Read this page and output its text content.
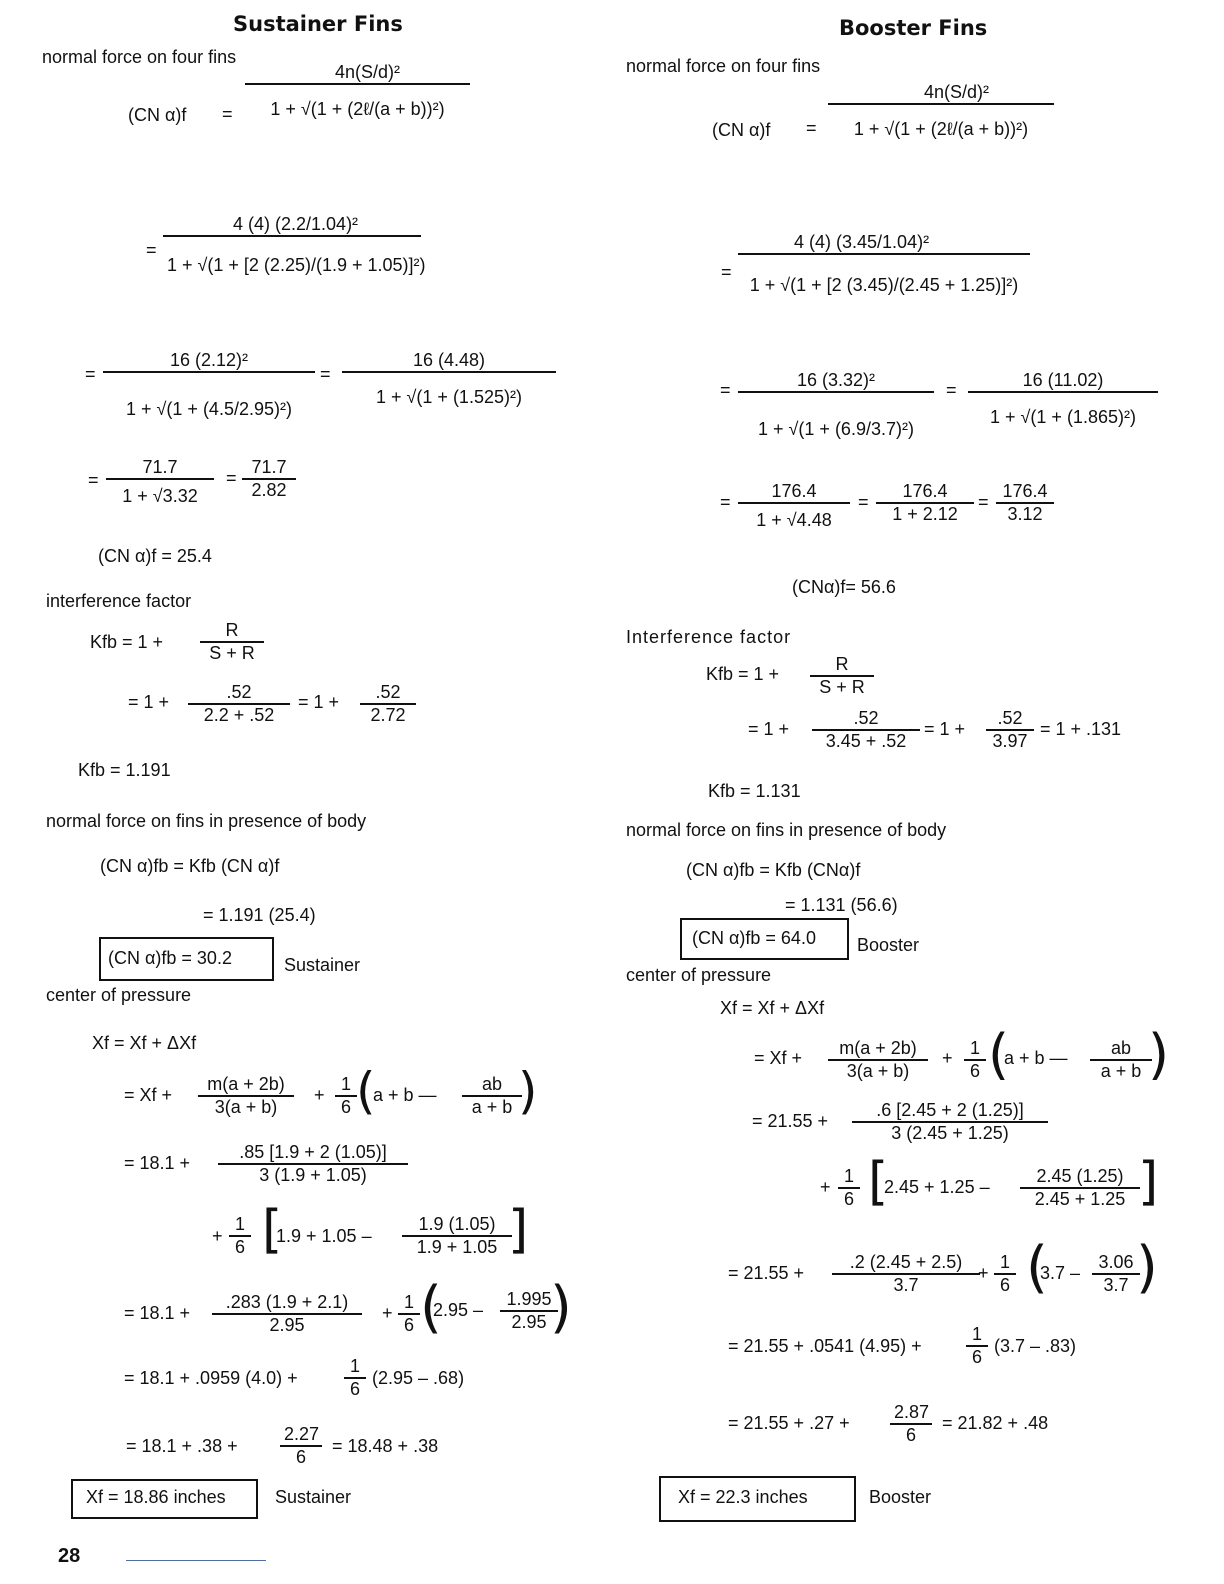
Sustainer Fins
normal force on four fins
(CN α)f =
4n(S/d)²
1 + √(1 + (2ℓ/(a + b))²)
= $\frac{\text{4 (4) (2.2/1.04)²}}{\text{1 + √(1 + [2 (2.25)/(1.9 + 1.05)]²)}}$
= $\frac{\text{16 (2.12)²}}{\text{1 + √(1 + (4.5/2.95)²)}} = \frac{16 (4.48)}{\text{1 + √(1 + (1.525)²)}}$
= $\frac{71.7}{1 + √3.32} = \frac{71.7}{2.82}$
(CN α)f = 25.4
interference factor
Kfb = $1 + \frac{R}{S + R}$
= $1 + \frac{.52}{2.2 + .52} = 1 + \frac{.52}{2.72}$
Kfb = 1.191
normal force on fins in presence of body
(CN α)fb = Kfb (CN α)f
= 1.191 (25.4)
(CN α)fb = 30.2	Sustainer
center of pressure
Xf = Xf + ΔXf
= $Xf + \frac{m(a + 2b)}{3(a + b)} + \frac{1}{6}$ (
a + b — $\frac{ab}{a + b}$
)
= $18.1 + \frac{.85 [1.9 + 2 (1.05)]}{3 (1.9 + 1.05)}$
+ $\frac{1}{6}$ [
$1.9 + 1.05 - \frac{1.9 (1.05)}{1.9 + 1.05}$
]
= $18.1 + \frac{.283 (1.9 + 2.1)}{2.95} + \frac{1}{6}$ (
$2.95 - \frac{1.995}{2.95}$
)
= 18.1 + .0959 (4.0) +	$\frac{1}{6} (2.95 - .68)$
= $18.1 + .38 + \frac{2.27}{6} = 18.48 + .38$
Xf = 18.86 inches	Sustainer
Booster Fins
normal force on four fins
(CN α)f =
4n(S/d)²
1 + √(1 + (2ℓ/(a + b))²)
= $\frac{\text{4 (4) (3.45/1.04)²}}{\text{1 + √(1 + [2 (3.45)/(2.45 + 1.25)]²)}}$
= $\frac{\text{16 (3.32)²}}{\text{1 + √(1 + (6.9/3.7)²)}} = \frac{16 (11.02)}{\text{1 + √(1 + (1.865)²)}}$
= $\frac{176.4}{1 + √4.48} = \frac{176.4}{1 + 2.12} = \frac{176.4}{3.12}$
(CNα)f= 56.6
Interference factor
Kfb = $1 + \frac{R}{S + R}$
= $1 + \frac{.52}{3.45 + .52} = 1 + \frac{.52}{3.97} = 1 + .131$
Kfb = 1.131
normal force on fins in presence of body
(CN α)fb = Kfb (CNα)f
= 1.131 (56.6)
(CN α)fb = 64.0 Booster
center of pressure
Xf = Xf + ΔXf
= $Xf + \frac{m(a + 2b)}{3(a + b)} + \frac{1}{6}$ (
a + b — $\frac{ab}{a + b}$
)
= $21.55 + \frac{.6 [2.45 + 2 (1.25)]}{3 (2.45 + 1.25)}$
+ $\frac{1}{6}$ [
$2.45 + 1.25 - \frac{2.45 (1.25)}{2.45 + 1.25}$
]
= $21.55 + \frac{.2 (2.45 + 2.5)}{3.7}$
+ $\frac{1}{6}$ (
$3.7 - \frac{3.06}{3.7}$
)
= 21.55 + .0541 $(4.95) + \frac{1}{6} (3.7 - .83)$
= $21.55 + .27 + \frac{2.87}{6} = 21.82 + .48$
Xf = 22.3 inches	Booster
28
